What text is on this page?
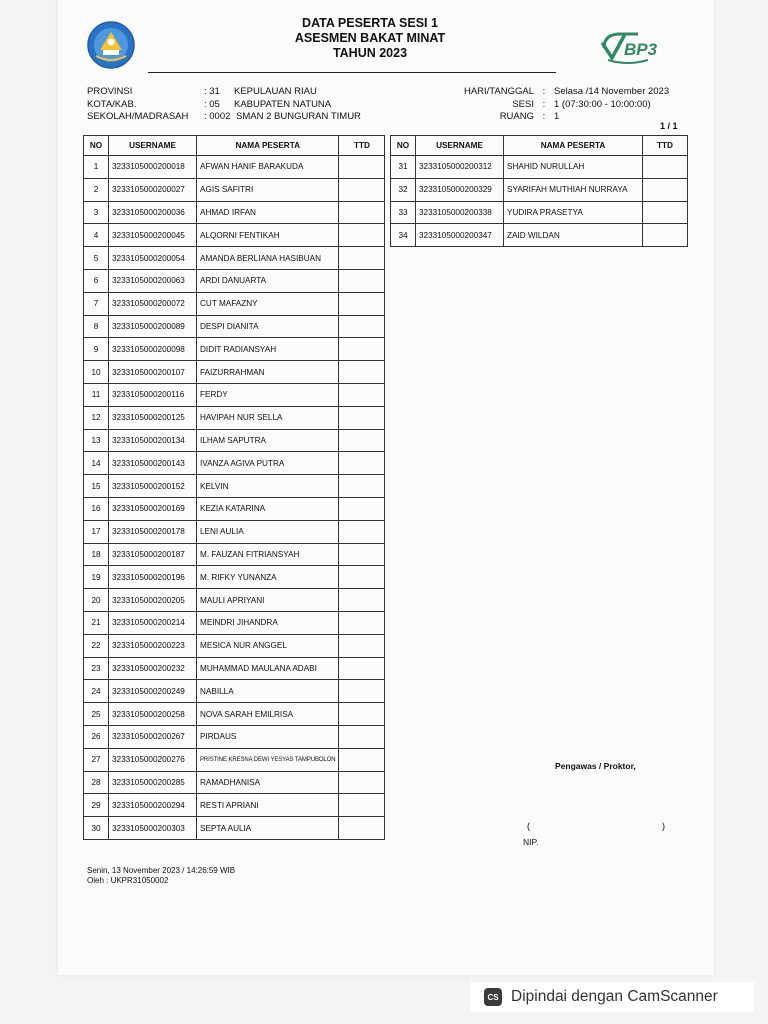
BP3
DATA PESERTA SESI 1
ASESMEN BAKAT MINAT
TAHUN 2023
PROVINSI	: 31	KEPULAUAN RIAU
KOTA/KAB.	: 05	KABUPATEN NATUNA
SEKOLAH/MADRASAH	: 0002 SMAN 2 BUNGURAN TIMUR
HARI/TANGGAL : Selasa /14 November 2023
SESI : 1 (07:30:00 - 10:00:00)
RUANG : 1
1 / 1
NO	USERNAME	NAMA PESERTA	TTD
1	3233105000200018	AFWAN HANIF BARAKUDA	
2	3233105000200027	AGIS SAFITRI	
3	3233105000200036	AHMAD IRFAN	
4	3233105000200045	ALQORNI FENTIKAH	
5	3233105000200054	AMANDA BERLIANA HASIBUAN	
6	3233105000200063	ARDI DANUARTA	
7	3233105000200072	CUT MAFAZNY	
8	3233105000200089	DESPI DIANITA	
9	3233105000200098	DIDIT RADIANSYAH	
10	3233105000200107	FAIZURRAHMAN	
11	3233105000200116	FERDY	
12	3233105000200125	HAVIPAH NUR SELLA	
13	3233105000200134	ILHAM SAPUTRA	
14	3233105000200143	IVANZA AGIVA PUTRA	
15	3233105000200152	KELVIN	
16	3233105000200169	KEZIA KATARINA	
17	3233105000200178	LENI AULIA	
18	3233105000200187	M. FAUZAN FITRIANSYAH	
19	3233105000200196	M. RIFKY YUNANZA	
20	3233105000200205	MAULI APRIYANI	
21	3233105000200214	MEINDRI JIHANDRA	
22	3233105000200223	MESICA NUR ANGGEL	
23	3233105000200232	MUHAMMAD MAULANA ADABI	
24	3233105000200249	NABILLA	
25	3233105000200258	NOVA SARAH EMILRISA	
26	3233105000200267	PIRDAUS	
27	3233105000200276	PRISTINE KRESNA DEWI YESYAS TAMPUBOLON	
28	3233105000200285	RAMADHANISA	
29	3233105000200294	RESTI APRIANI	
30	3233105000200303	SEPTA AULIA	
NO	USERNAME	NAMA PESERTA	TTD
31	3233105000200312	SHAHID NURULLAH	
32	3233105000200329	SYARIFAH MUTHIAH NURRAYA	
33	3233105000200338	YUDIRA PRASETYA	
34	3233105000200347	ZAID WILDAN	
Pengawas / Proktor,
(	)
NIP.
Senin, 13 November 2023 / 14:26:59 WIB
Oleh : UKPR31050002
CS Dipindai dengan CamScanner
